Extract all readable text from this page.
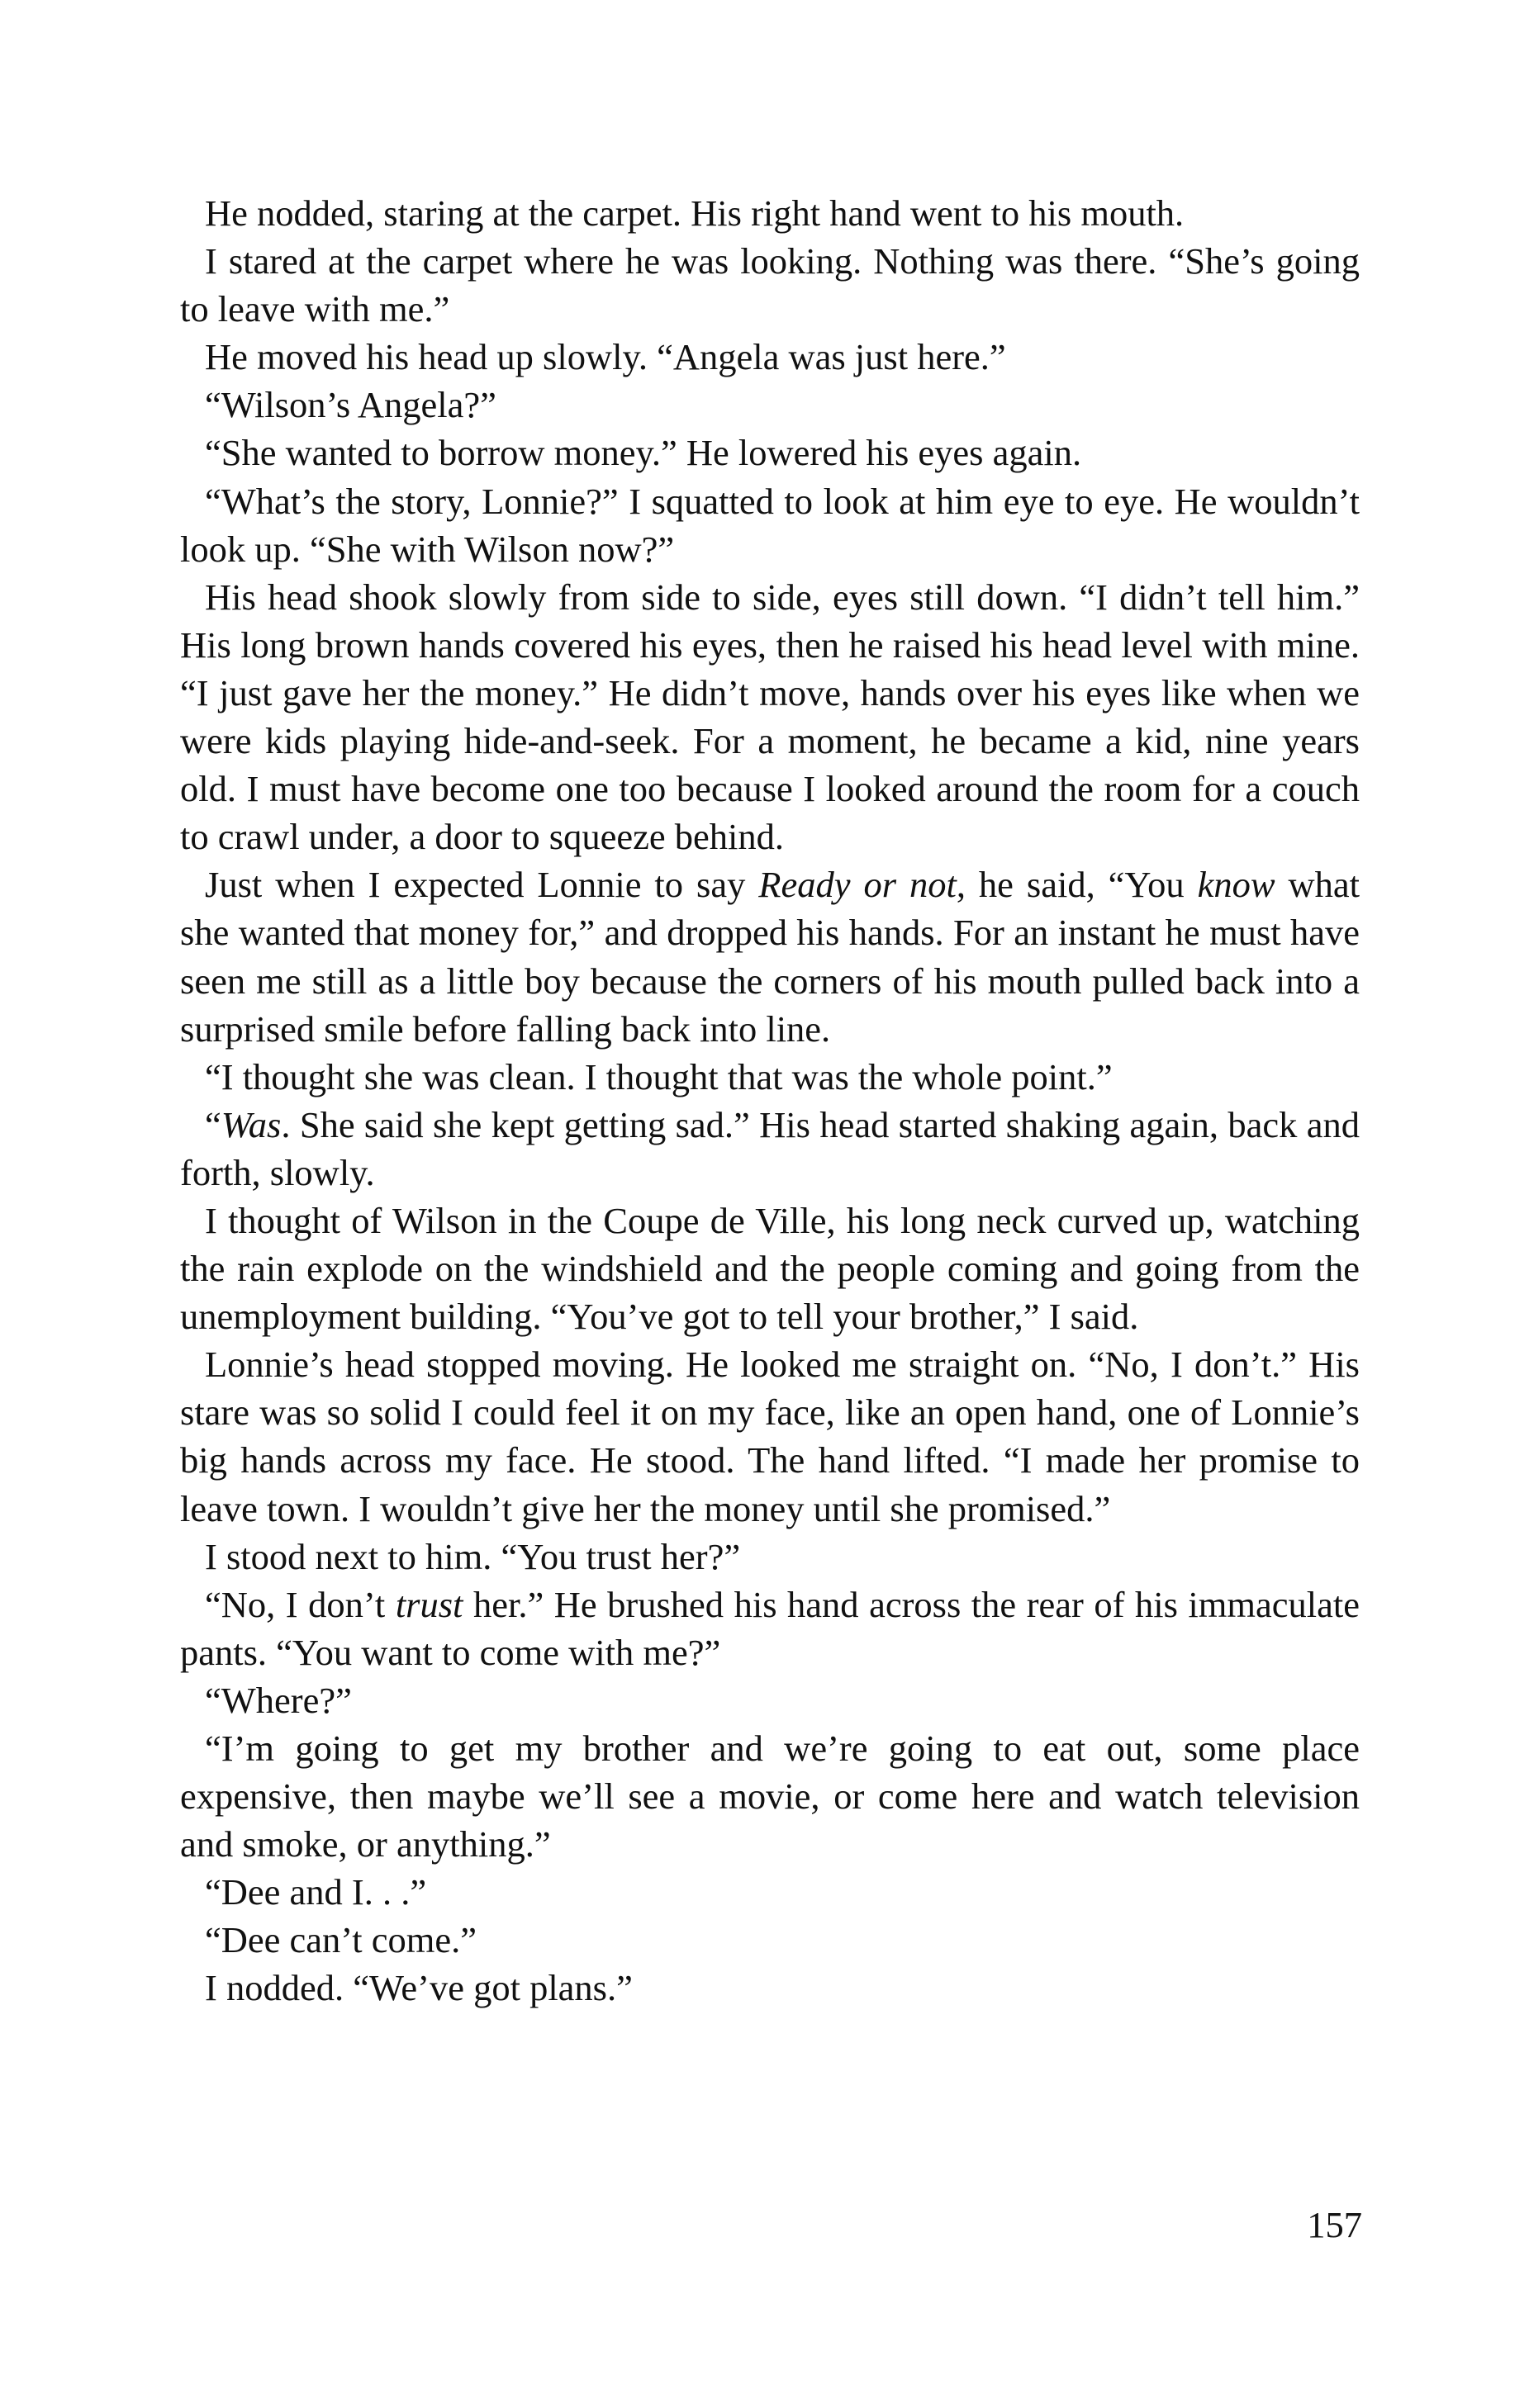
He nodded, staring at the carpet. His right hand went to his mouth.

I stared at the carpet where he was looking. Nothing was there. “She’s going to leave with me.”

He moved his head up slowly. “Angela was just here.”

“Wilson’s Angela?”

“She wanted to borrow money.” He lowered his eyes again.

“What’s the story, Lonnie?” I squatted to look at him eye to eye. He wouldn’t look up. “She with Wilson now?”

His head shook slowly from side to side, eyes still down. “I didn’t tell him.” His long brown hands covered his eyes, then he raised his head level with mine. “I just gave her the money.” He didn’t move, hands over his eyes like when we were kids playing hide-and-seek. For a moment, he became a kid, nine years old. I must have become one too because I looked around the room for a couch to crawl under, a door to squeeze behind.

Just when I expected Lonnie to say Ready or not, he said, “You know what she wanted that money for,” and dropped his hands. For an instant he must have seen me still as a little boy because the corners of his mouth pulled back into a surprised smile before falling back into line.

“I thought she was clean. I thought that was the whole point.”

“Was. She said she kept getting sad.” His head started shaking again, back and forth, slowly.

I thought of Wilson in the Coupe de Ville, his long neck curved up, watching the rain explode on the windshield and the people coming and going from the unemployment building. “You’ve got to tell your brother,” I said.

Lonnie’s head stopped moving. He looked me straight on. “No, I don’t.” His stare was so solid I could feel it on my face, like an open hand, one of Lonnie’s big hands across my face. He stood. The hand lifted. “I made her promise to leave town. I wouldn’t give her the money until she promised.”

I stood next to him. “You trust her?”

“No, I don’t trust her.” He brushed his hand across the rear of his immaculate pants. “You want to come with me?”

“Where?”

“I’m going to get my brother and we’re going to eat out, some place expensive, then maybe we’ll see a movie, or come here and watch television and smoke, or anything.”

“Dee and I. . .”

“Dee can’t come.”

I nodded. “We’ve got plans.”

157
